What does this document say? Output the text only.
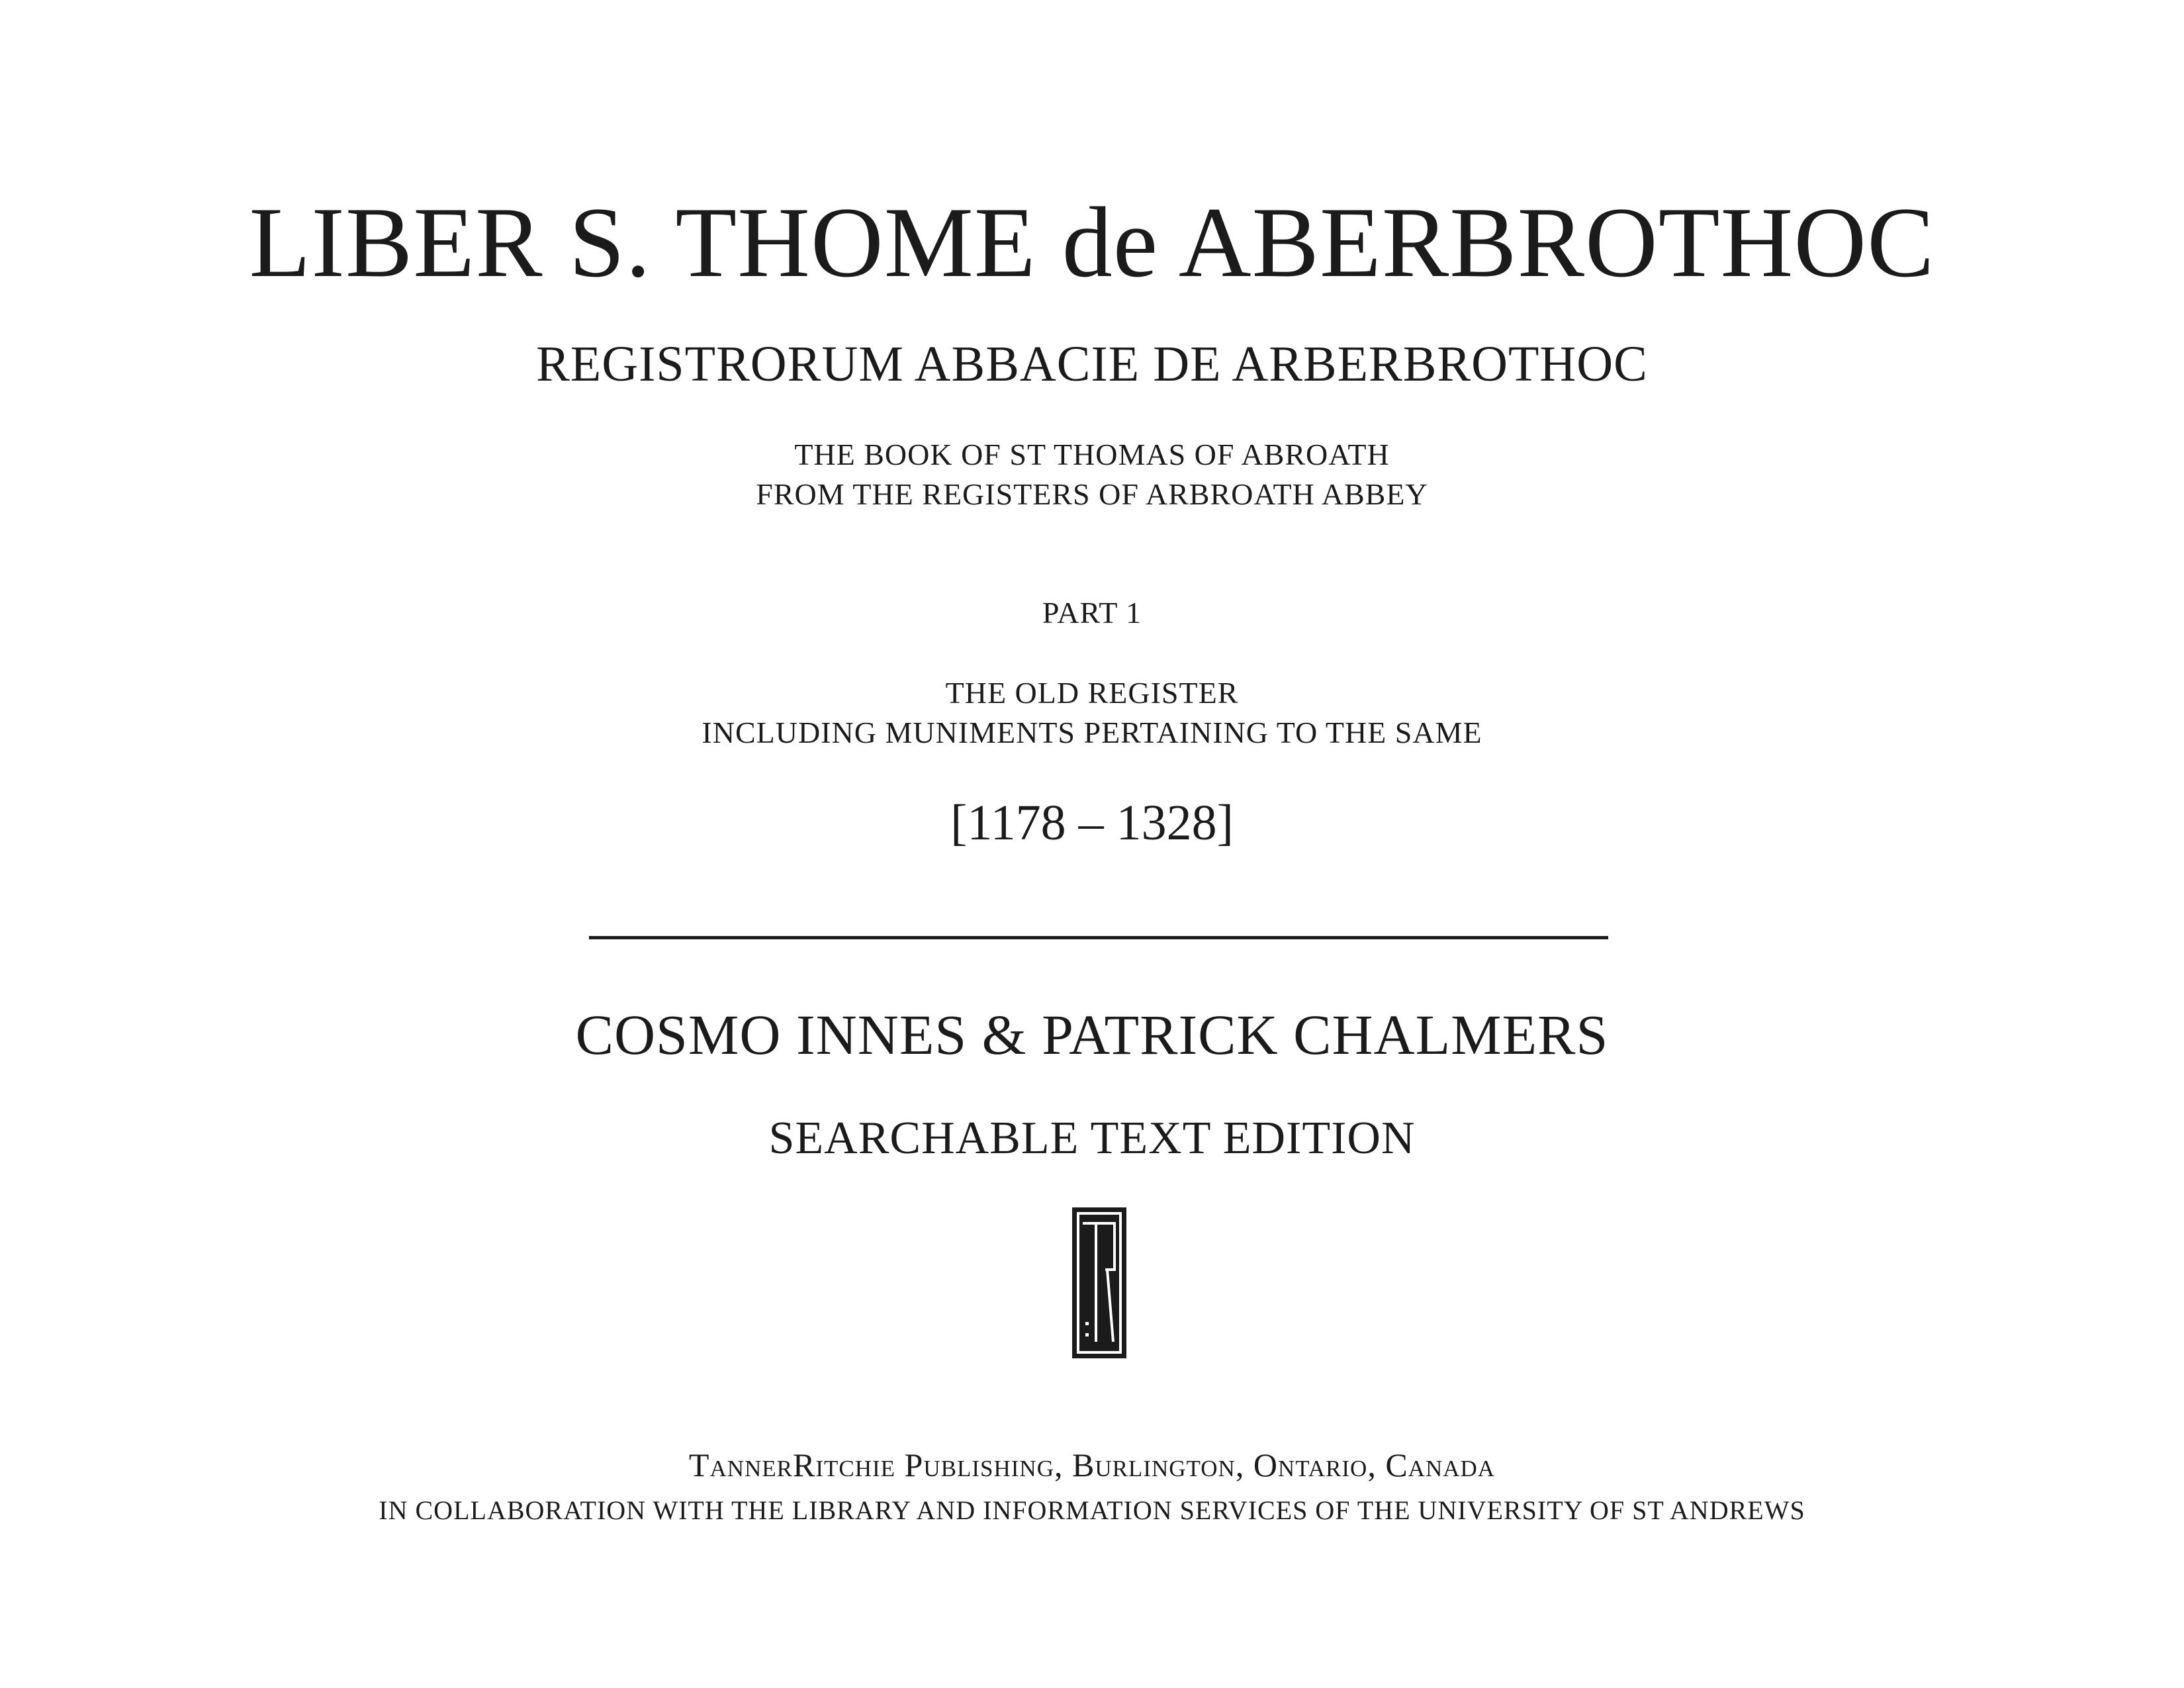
LIBER S. THOME de ABERBROTHOC
REGISTRORUM ABBACIE DE ARBERBROTHOC
THE BOOK OF ST THOMAS OF ABROATH
FROM THE REGISTERS OF ARBROATH ABBEY
PART 1
THE OLD REGISTER
INCLUDING MUNIMENTS PERTAINING TO THE SAME
[1178 – 1328]
COSMO INNES & PATRICK CHALMERS
SEARCHABLE TEXT EDITION
TannerRitchie Publishing, Burlington, Ontario, Canada
IN COLLABORATION WITH THE LIBRARY AND INFORMATION SERVICES OF THE UNIVERSITY OF ST ANDREWS
